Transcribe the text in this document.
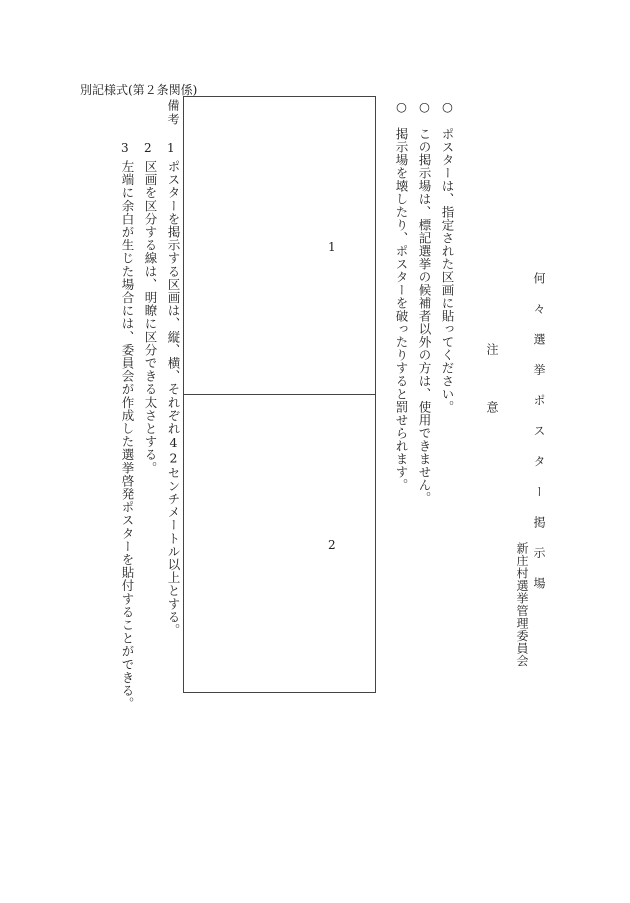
別記様式(第２条関係)
1
2	何々選挙ポスター掲示場
新庄村選挙管理委員会
注意
○　ポスターは、指定された区画に貼ってください。
○　この掲示場は、標記選挙の候補者以外の方は、使用できません。
○　掲示場を壊したり、ポスターを破ったりすると罰せられます。
備考
1
ポスターを掲示する区画は、縦、横、それぞれ42センチメートル以上とする。
2
区画を区分する線は、明瞭に区分できる太さとする。
3
左端に余白が生じた場合には、委員会が作成した選挙啓発ポスターを貼付することができる。
